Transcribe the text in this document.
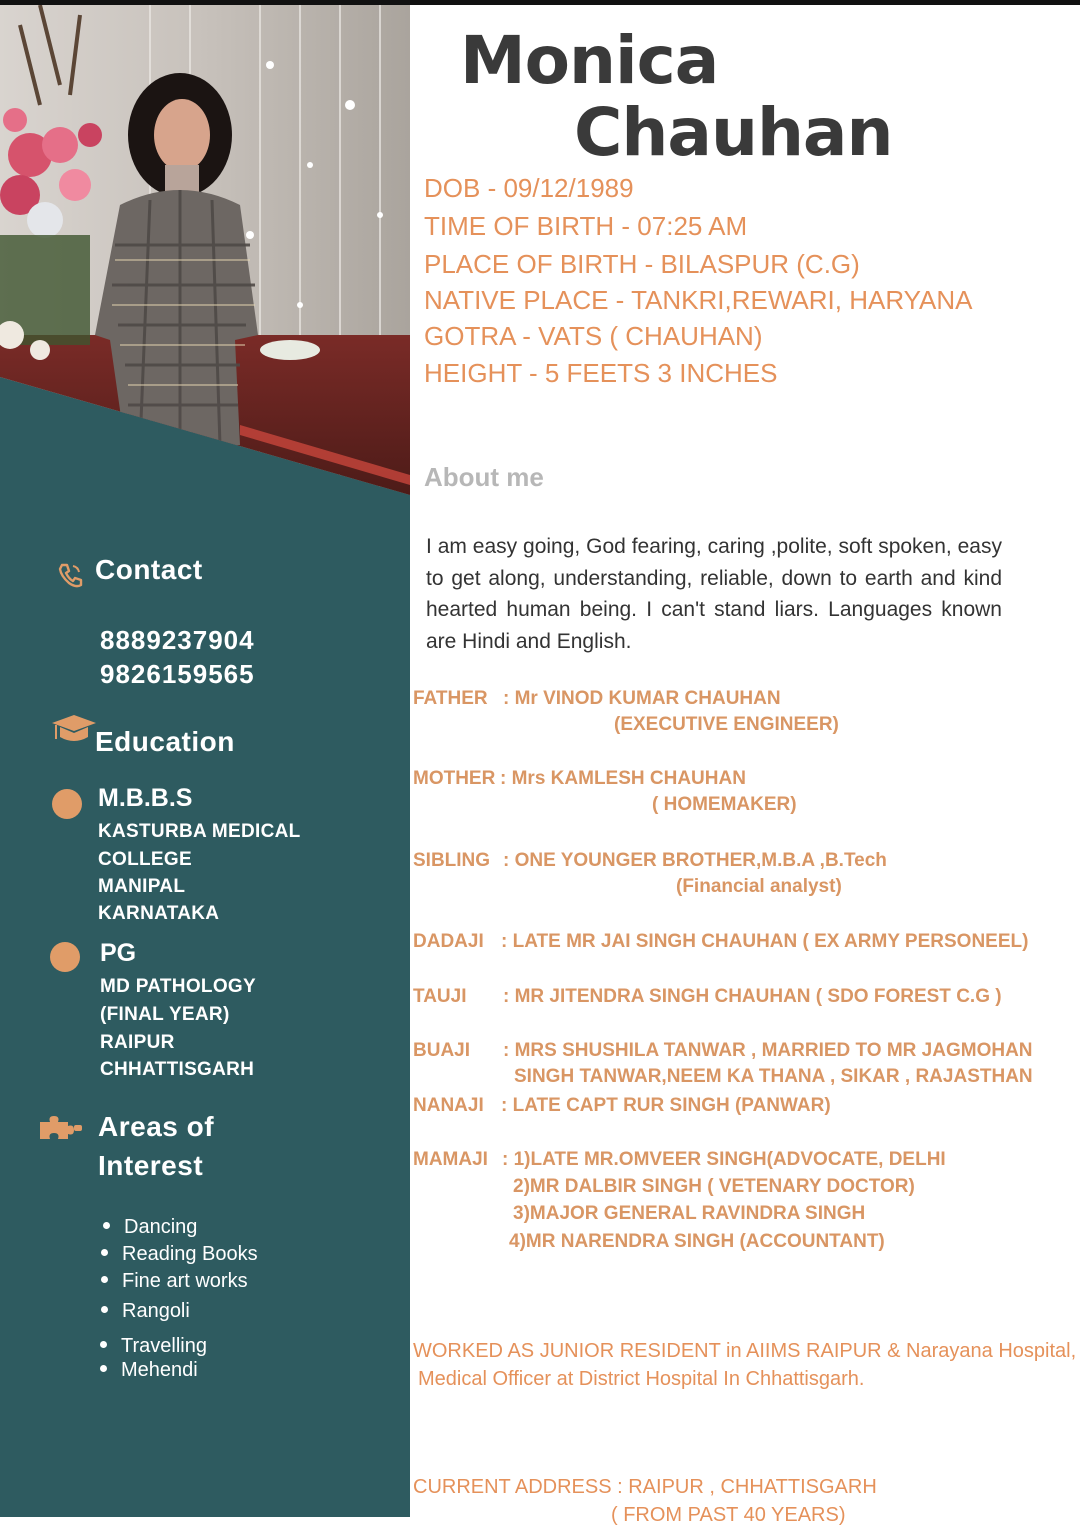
Contact
8889237904
9826159565
Education
M.B.B.S
KASTURBA MEDICAL
COLLEGE
MANIPAL
KARNATAKA
PG
MD PATHOLOGY
(FINAL YEAR)
RAIPUR
CHHATTISGARH
Areas of
Interest
Dancing
Reading Books
Fine art works
Rangoli
Travelling
Mehendi
Monica
Chauhan
DOB - 09/12/1989
TIME OF BIRTH - 07:25 AM
PLACE OF BIRTH - BILASPUR (C.G)
NATIVE PLACE - TANKRI,REWARI, HARYANA
GOTRA - VATS ( CHAUHAN)
HEIGHT - 5 FEETS 3 INCHES
About me
I am easy going, God fearing, caring ,polite, soft spoken, easy to get along, understanding, reliable, down to earth and kind hearted human being. I can't stand liars. Languages known are Hindi and English.
FATHER : Mr VINOD KUMAR CHAUHAN
(EXECUTIVE ENGINEER)
MOTHER : Mrs KAMLESH CHAUHAN
( HOMEMAKER)
SIBLING : ONE YOUNGER BROTHER,M.B.A ,B.Tech
(Financial analyst)
DADAJI : LATE MR JAI SINGH CHAUHAN ( EX ARMY PERSONEEL)
TAUJI : MR JITENDRA SINGH CHAUHAN ( SDO FOREST C.G )
BUAJI : MRS SHUSHILA TANWAR , MARRIED TO MR JAGMOHAN
SINGH TANWAR,NEEM KA THANA , SIKAR , RAJASTHAN
NANAJI : LATE CAPT RUR SINGH (PANWAR)
MAMAJI : 1)LATE MR.OMVEER SINGH(ADVOCATE, DELHI
2)MR DALBIR SINGH ( VETENARY DOCTOR)
3)MAJOR GENERAL RAVINDRA SINGH
4)MR NARENDRA SINGH (ACCOUNTANT)
WORKED AS JUNIOR RESIDENT in AIIMS RAIPUR & Narayana Hospital,
Medical Officer at District Hospital In Chhattisgarh.
CURRENT ADDRESS : RAIPUR , CHHATTISGARH
( FROM PAST 40 YEARS)
